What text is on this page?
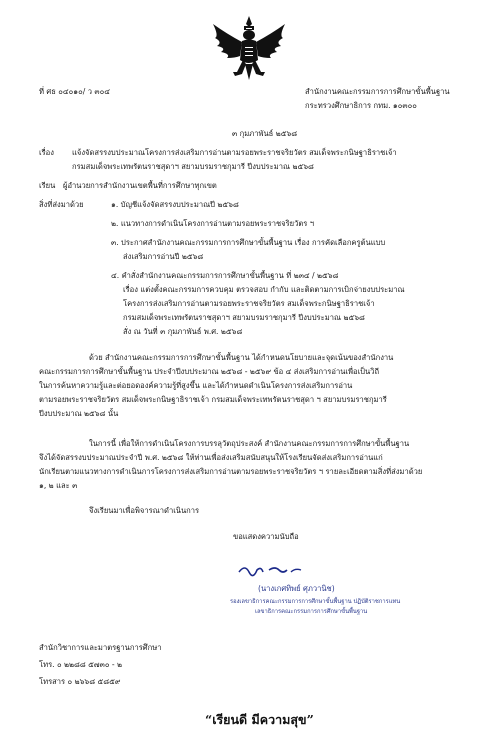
ที่ ศธ ๐๔๐๑๐/ ว ๓๐๔	สำนักงานคณะกรรมการการศึกษาขั้นพื้นฐาน
กระทรวงศึกษาธิการ กทม. ๑๐๓๐๐
๓ กุมภาพันธ์ ๒๕๖๘
เรื่อง แจ้งจัดสรรงบประมาณโครงการส่งเสริมการอ่านตามรอยพระราชจริยวัตร สมเด็จพระกนิษฐาธิราชเจ้า
กรมสมเด็จพระเทพรัตนราชสุดาฯ สยามบรมราชกุมารี ปีงบประมาณ ๒๕๖๘
เรียน ผู้อำนวยการสำนักงานเขตพื้นที่การศึกษาทุกเขต
สิ่งที่ส่งมาด้วย	๑. บัญชีแจ้งจัดสรรงบประมาณปี ๒๕๖๘
๒. แนวทางการดำเนินโครงการอ่านตามรอยพระราชจริยวัตร ฯ
๓. ประกาศสำนักงานคณะกรรมการการศึกษาขั้นพื้นฐาน เรื่อง การคัดเลือกครูต้นแบบ
ส่งเสริมการอ่านปี ๒๕๖๘
๔. คำสั่งสำนักงานคณะกรรมการการศึกษาขั้นพื้นฐาน ที่ ๒๓๔ / ๒๕๖๘
เรื่อง แต่งตั้งคณะกรรมการควบคุม ตรวจสอบ กำกับ และติดตามการเบิกจ่ายงบประมาณ
โครงการส่งเสริมการอ่านตามรอยพระราชจริยวัตร สมเด็จพระกนิษฐาธิราชเจ้า
กรมสมเด็จพระเทพรัตนราชสุดาฯ สยามบรมราชกุมารี ปีงบประมาณ ๒๕๖๘
สั่ง ณ วันที่ ๓ กุมภาพันธ์ พ.ศ. ๒๕๖๘
ด้วย สำนักงานคณะกรรมการการศึกษาขั้นพื้นฐาน ได้กำหนดนโยบายและจุดเน้นของสำนักงาน
คณะกรรมการการศึกษาขั้นพื้นฐาน ประจำปีงบประมาณ ๒๕๖๘ - ๒๕๖๙ ข้อ ๔ ส่งเสริมการอ่านเพื่อเป็นวิถี
ในการค้นหาความรู้และต่อยอดองค์ความรู้ที่สูงขึ้น และได้กำหนดดำเนินโครงการส่งเสริมการอ่าน
ตามรอยพระราชจริยวัตร สมเด็จพระกนิษฐาธิราชเจ้า กรมสมเด็จพระเทพรัตนราชสุดา ฯ สยามบรมราชกุมารี
ปีงบประมาณ ๒๕๖๘ นั้น
ในการนี้ เพื่อให้การดำเนินโครงการบรรลุวัตถุประสงค์ สำนักงานคณะกรรมการการศึกษาขั้นพื้นฐาน
จึงได้จัดสรรงบประมาณประจำปี พ.ศ. ๒๕๖๘ ให้ท่านเพื่อส่งเสริมสนับสนุนให้โรงเรียนจัดส่งเสริมการอ่านแก่
นักเรียนตามแนวทางการดำเนินการโครงการส่งเสริมการอ่านตามรอยพระราชจริยวัตร ฯ รายละเอียดตามสิ่งที่ส่งมาด้วย
๑, ๒ และ ๓
จึงเรียนมาเพื่อพิจารณาดำเนินการ
ขอแสดงความนับถือ
(นางเกศทิพย์ ศุภวานิช)
รองเลขาธิการคณะกรรมการการศึกษาขั้นพื้นฐาน ปฏิบัติราชการแทน
เลขาธิการคณะกรรมการการศึกษาขั้นพื้นฐาน
สำนักวิชาการและมาตรฐานการศึกษา
โทร. ๐ ๒๒๘๘ ๕๗๓๐ - ๒
โทรสาร ๐ ๒๖๖๘ ๕๘๕๙
“เรียนดี มีความสุข”
